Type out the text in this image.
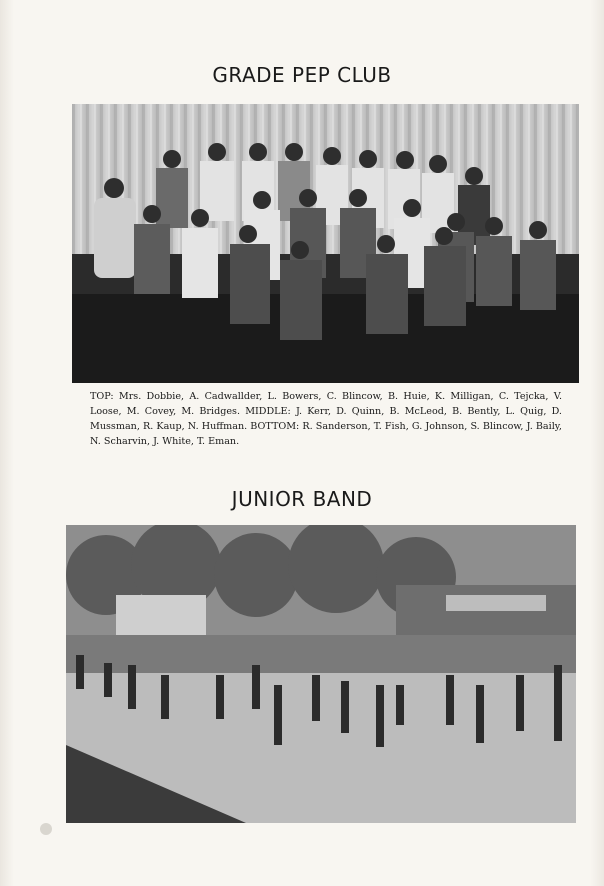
GRADE PEP CLUB
TOP: Mrs. Dobbie, A. Cadwallder, L. Bowers, C. Blincow, B. Huie, K. Milligan, C. Tejcka, V. Loose, M. Covey, M. Bridges. MIDDLE: J. Kerr, D. Quinn, B. McLeod, B. Bently, L. Quig, D. Mussman, R. Kaup, N. Huffman. BOTTOM: R. Sanderson, T. Fish, G. Johnson, S. Blincow, J. Baily, N. Scharvin, J. White, T. Eman.
JUNIOR BAND
